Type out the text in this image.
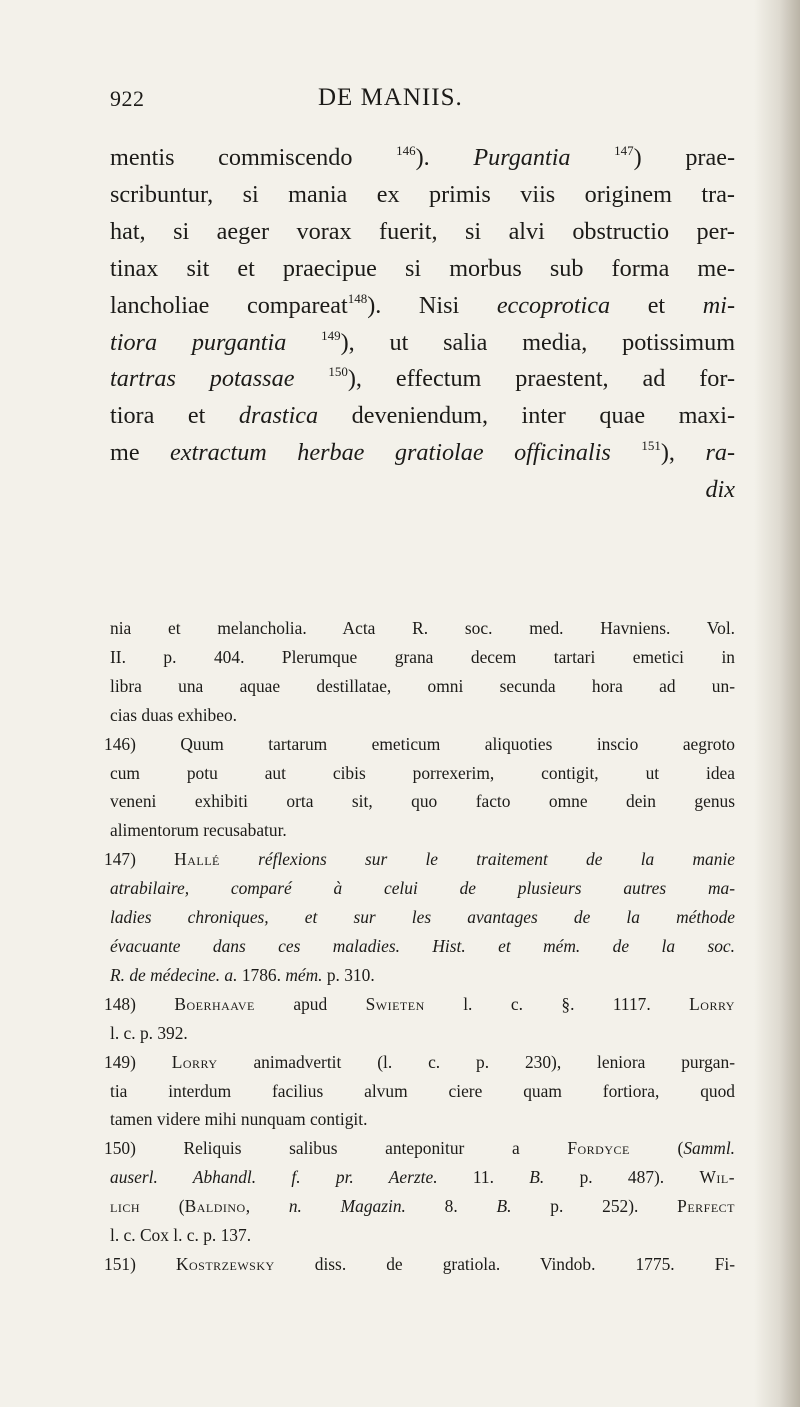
922	DE MANIIS.
mentis commiscendo $^{146}$). Purgantia	$^{147}$) prae-
scribuntur, si mania ex primis viis originem tra-
hat, si aeger vorax fuerit, si alvi obstructio per-
tinax sit et praecipue si morbus sub forma me-
lancholiae compareat$^{148}$). Nisi eccoprotica et mi-
tiora purgantia	$^{149}$), ut salia media, potissimum
tartras potassae	$^{150}$), effectum praestent, ad for-
tiora et drastica deveniendum, inter quae maxi-
me extractum herbae gratiolae officinalis $^{151}$), ra-
dix
nia et melancholia. Acta R. soc. med. Havniens. Vol.
II. p. 404. Plerumque grana decem tartari emetici in
libra una aquae destillatae, omni secunda hora ad un-
cias duas exhibeo.
146) Quum tartarum emeticum aliquoties inscio aegroto
cum potu aut cibis porrexerim, contigit, ut idea
veneni exhibiti orta sit, quo facto omne dein genus
alimentorum recusabatur.
147) Hallé réflexions sur le traitement de la manie
atrabilaire, comparé à celui de plusieurs autres ma-
ladies chroniques, et sur les avantages de la méthode
évacuante dans ces maladies. Hist. et mém. de la soc.
R. de médecine. a. 1786. mém. p. 310.
148) Boerhaave apud Swieten l. c. §. 1117. Lorry
l. c. p. 392.
149) Lorry animadvertit (l. c. p. 230), leniora purgan-
tia interdum facilius alvum ciere quam fortiora, quod
tamen videre mihi nunquam contigit.
150) Reliquis salibus anteponitur a Fordyce (Samml.
auserl. Abhandl. f. pr. Aerzte. 11. B. p. 487). Wil-
lich (Baldino, n. Magazin. 8. B. p. 252). Perfect
l. c. Cox l. c. p. 137.
151) Kostrzewsky diss. de gratiola. Vindob. 1775. Fi-
